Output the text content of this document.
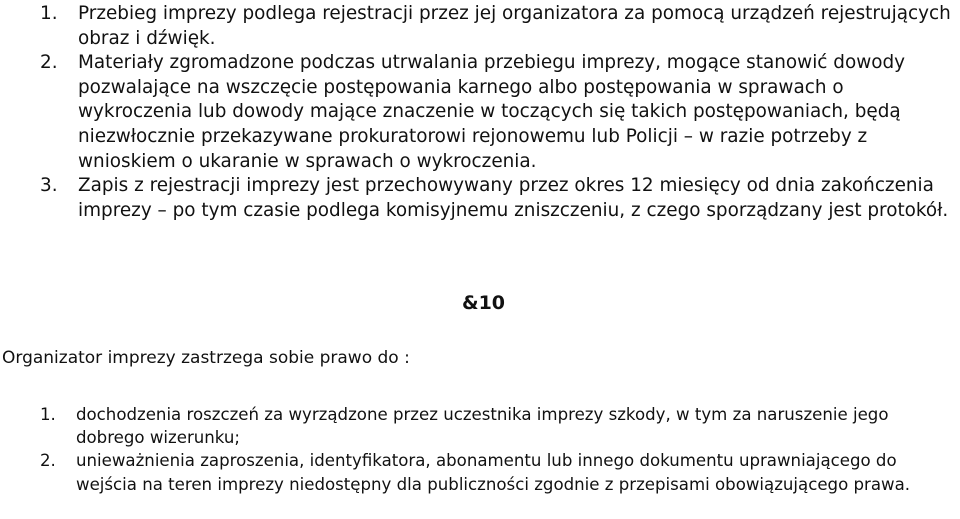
1. Przebieg imprezy podlega rejestracji przez jej organizatora za pomocą urządzeń rejestrujących obraz i dźwięk.
2. Materiały zgromadzone podczas utrwalania przebiegu imprezy, mogące stanowić dowody pozwalające na wszczęcie postępowania karnego albo postępowania w sprawach o wykroczenia lub dowody mające znaczenie w toczących się takich postępowaniach, będą niezwłocznie przekazywane prokuratorowi rejonowemu lub Policji – w razie potrzeby z wnioskiem o ukaranie w sprawach o wykroczenia.
3. Zapis z rejestracji imprezy jest przechowywany przez okres 12 miesięcy od dnia zakończenia imprezy – po tym czasie podlega komisyjnemu zniszczeniu, z czego sporządzany jest protokół.
&10
Organizator imprezy zastrzega sobie prawo do :
1. dochodzenia roszczeń za wyrządzone przez uczestnika imprezy szkody, w tym za naruszenie jego dobrego wizerunku;
2. unieważnienia zaproszenia, identyfikatora, abonamentu lub innego dokumentu uprawniającego do wejścia na teren imprezy niedostępny dla publiczności zgodnie z przepisami obowiązującego prawa.
